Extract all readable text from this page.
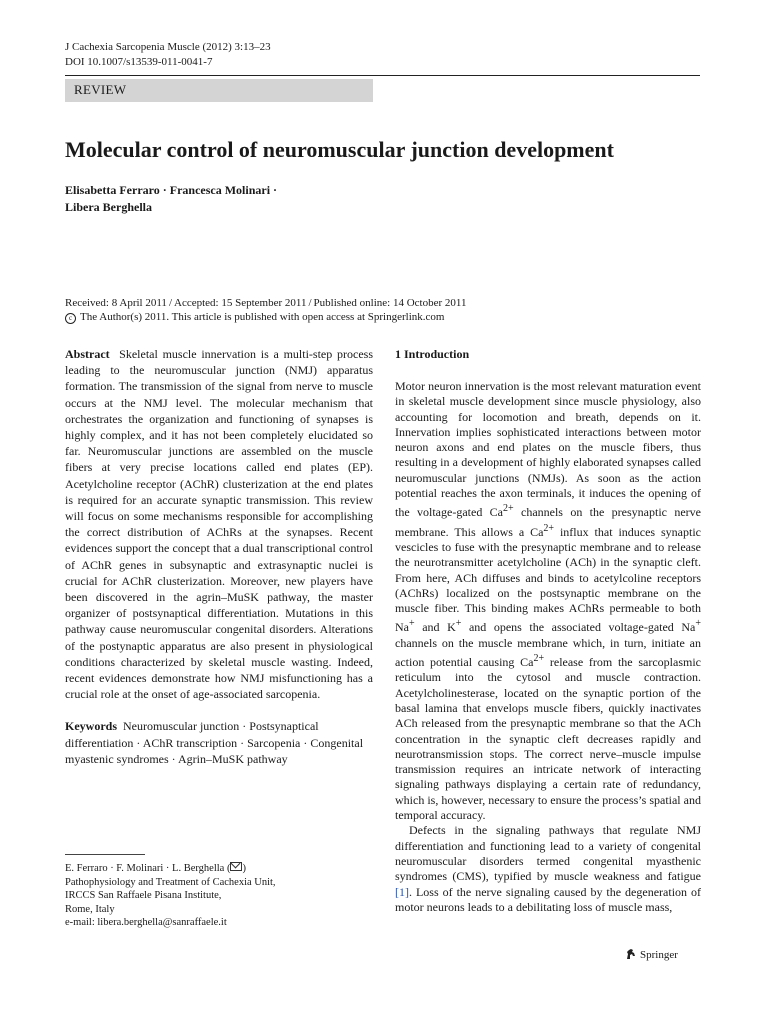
J Cachexia Sarcopenia Muscle (2012) 3:13–23
DOI 10.1007/s13539-011-0041-7
REVIEW
Molecular control of neuromuscular junction development
Elisabetta Ferraro · Francesca Molinari ·
Libera Berghella
Received: 8 April 2011 / Accepted: 15 September 2011 / Published online: 14 October 2011
c The Author(s) 2011. This article is published with open access at Springerlink.com

Abstract Skeletal muscle innervation is a multi-step process leading to the neuromuscular junction (NMJ) apparatus formation. The transmission of the signal from nerve to muscle occurs at the NMJ level. The molecular mechanism that orchestrates the organization and functioning of synapses is highly complex, and it has not been completely elucidated so far. Neuromuscular junctions are assembled on the muscle fibers at very precise locations called end plates (EP). Acetylcholine receptor (AChR) clusterization at the end plates is required for an accurate synaptic transmission. This review will focus on some mechanisms responsible for accomplishing the correct distribution of AChRs at the synapses. Recent evidences support the concept that a dual transcriptional control of AChR genes in subsynaptic and extrasynaptic nuclei is crucial for AChR clusterization. Moreover, new players have been discovered in the agrin–MuSK pathway, the master organizer of postsynaptical differentiation. Mutations in this pathway cause neuromuscular congenital disorders. Alterations of the postynaptic apparatus are also present in physiological conditions characterized by skeletal muscle wasting. Indeed, recent evidences demonstrate how NMJ misfunctioning has a crucial role at the onset of age-associated sarcopenia.

Keywords Neuromuscular junction · Postsynaptical differentiation · AChR transcription · Sarcopenia · Congenital myastenic syndromes · Agrin–MuSK pathway

E. Ferraro · F. Molinari · L. Berghella ( )
Pathophysiology and Treatment of Cachexia Unit,
IRCCS San Raffaele Pisana Institute,
Rome, Italy
e-mail: libera.berghella@sanraffaele.it

1 Introduction

Motor neuron innervation is the most relevant maturation event in skeletal muscle development since muscle physiology, also accounting for locomotion and breath, depends on it. Innervation implies sophisticated interactions between motor neuron axons and end plates on the muscle fibers, thus resulting in a development of highly elaborated synapses called neuromuscular junctions (NMJs). As soon as the action potential reaches the axon terminals, it induces the opening of the voltage-gated $Ca^{2+}$ channels on the presynaptic nerve membrane. This allows a $Ca^{2+}$ influx that induces synaptic vescicles to fuse with the presynaptic membrane and to release the neurotransmitter acetylcholine (ACh) in the synaptic cleft. From here, ACh diffuses and binds to acetylcoline receptors (AChRs) localized on the postsynaptic membrane on the muscle fiber. This binding makes AChRs permeable to both Na+ and K+ and opens the associated voltage-gated Na+ channels on the muscle membrane which, in turn, initiate an action potential causing $Ca^{2+}$ release from the sarcoplasmic reticulum into the cytosol and muscle contraction. Acetylcholinesterase, located on the synaptic portion of the basal lamina that envelops muscle fibers, quickly inactivates ACh released from the presynaptic membrane so that the ACh concentration in the synaptic cleft decreases rapidly and neurotransmission stops. The correct nerve–muscle impulse transmission requires an intricate network of interacting signaling pathways displaying a certain rate of redundancy, which is, however, necessary to ensure the process’s spatial and temporal accuracy.

Defects in the signaling pathways that regulate NMJ differentiation and functioning lead to a variety of congenital neuromuscular disorders termed congenital myasthenic syndromes (CMS), typified by muscle weakness and fatigue [1]. Loss of the nerve signaling caused by the degeneration of motor neurons leads to a debilitating loss of muscle mass,

Springer
